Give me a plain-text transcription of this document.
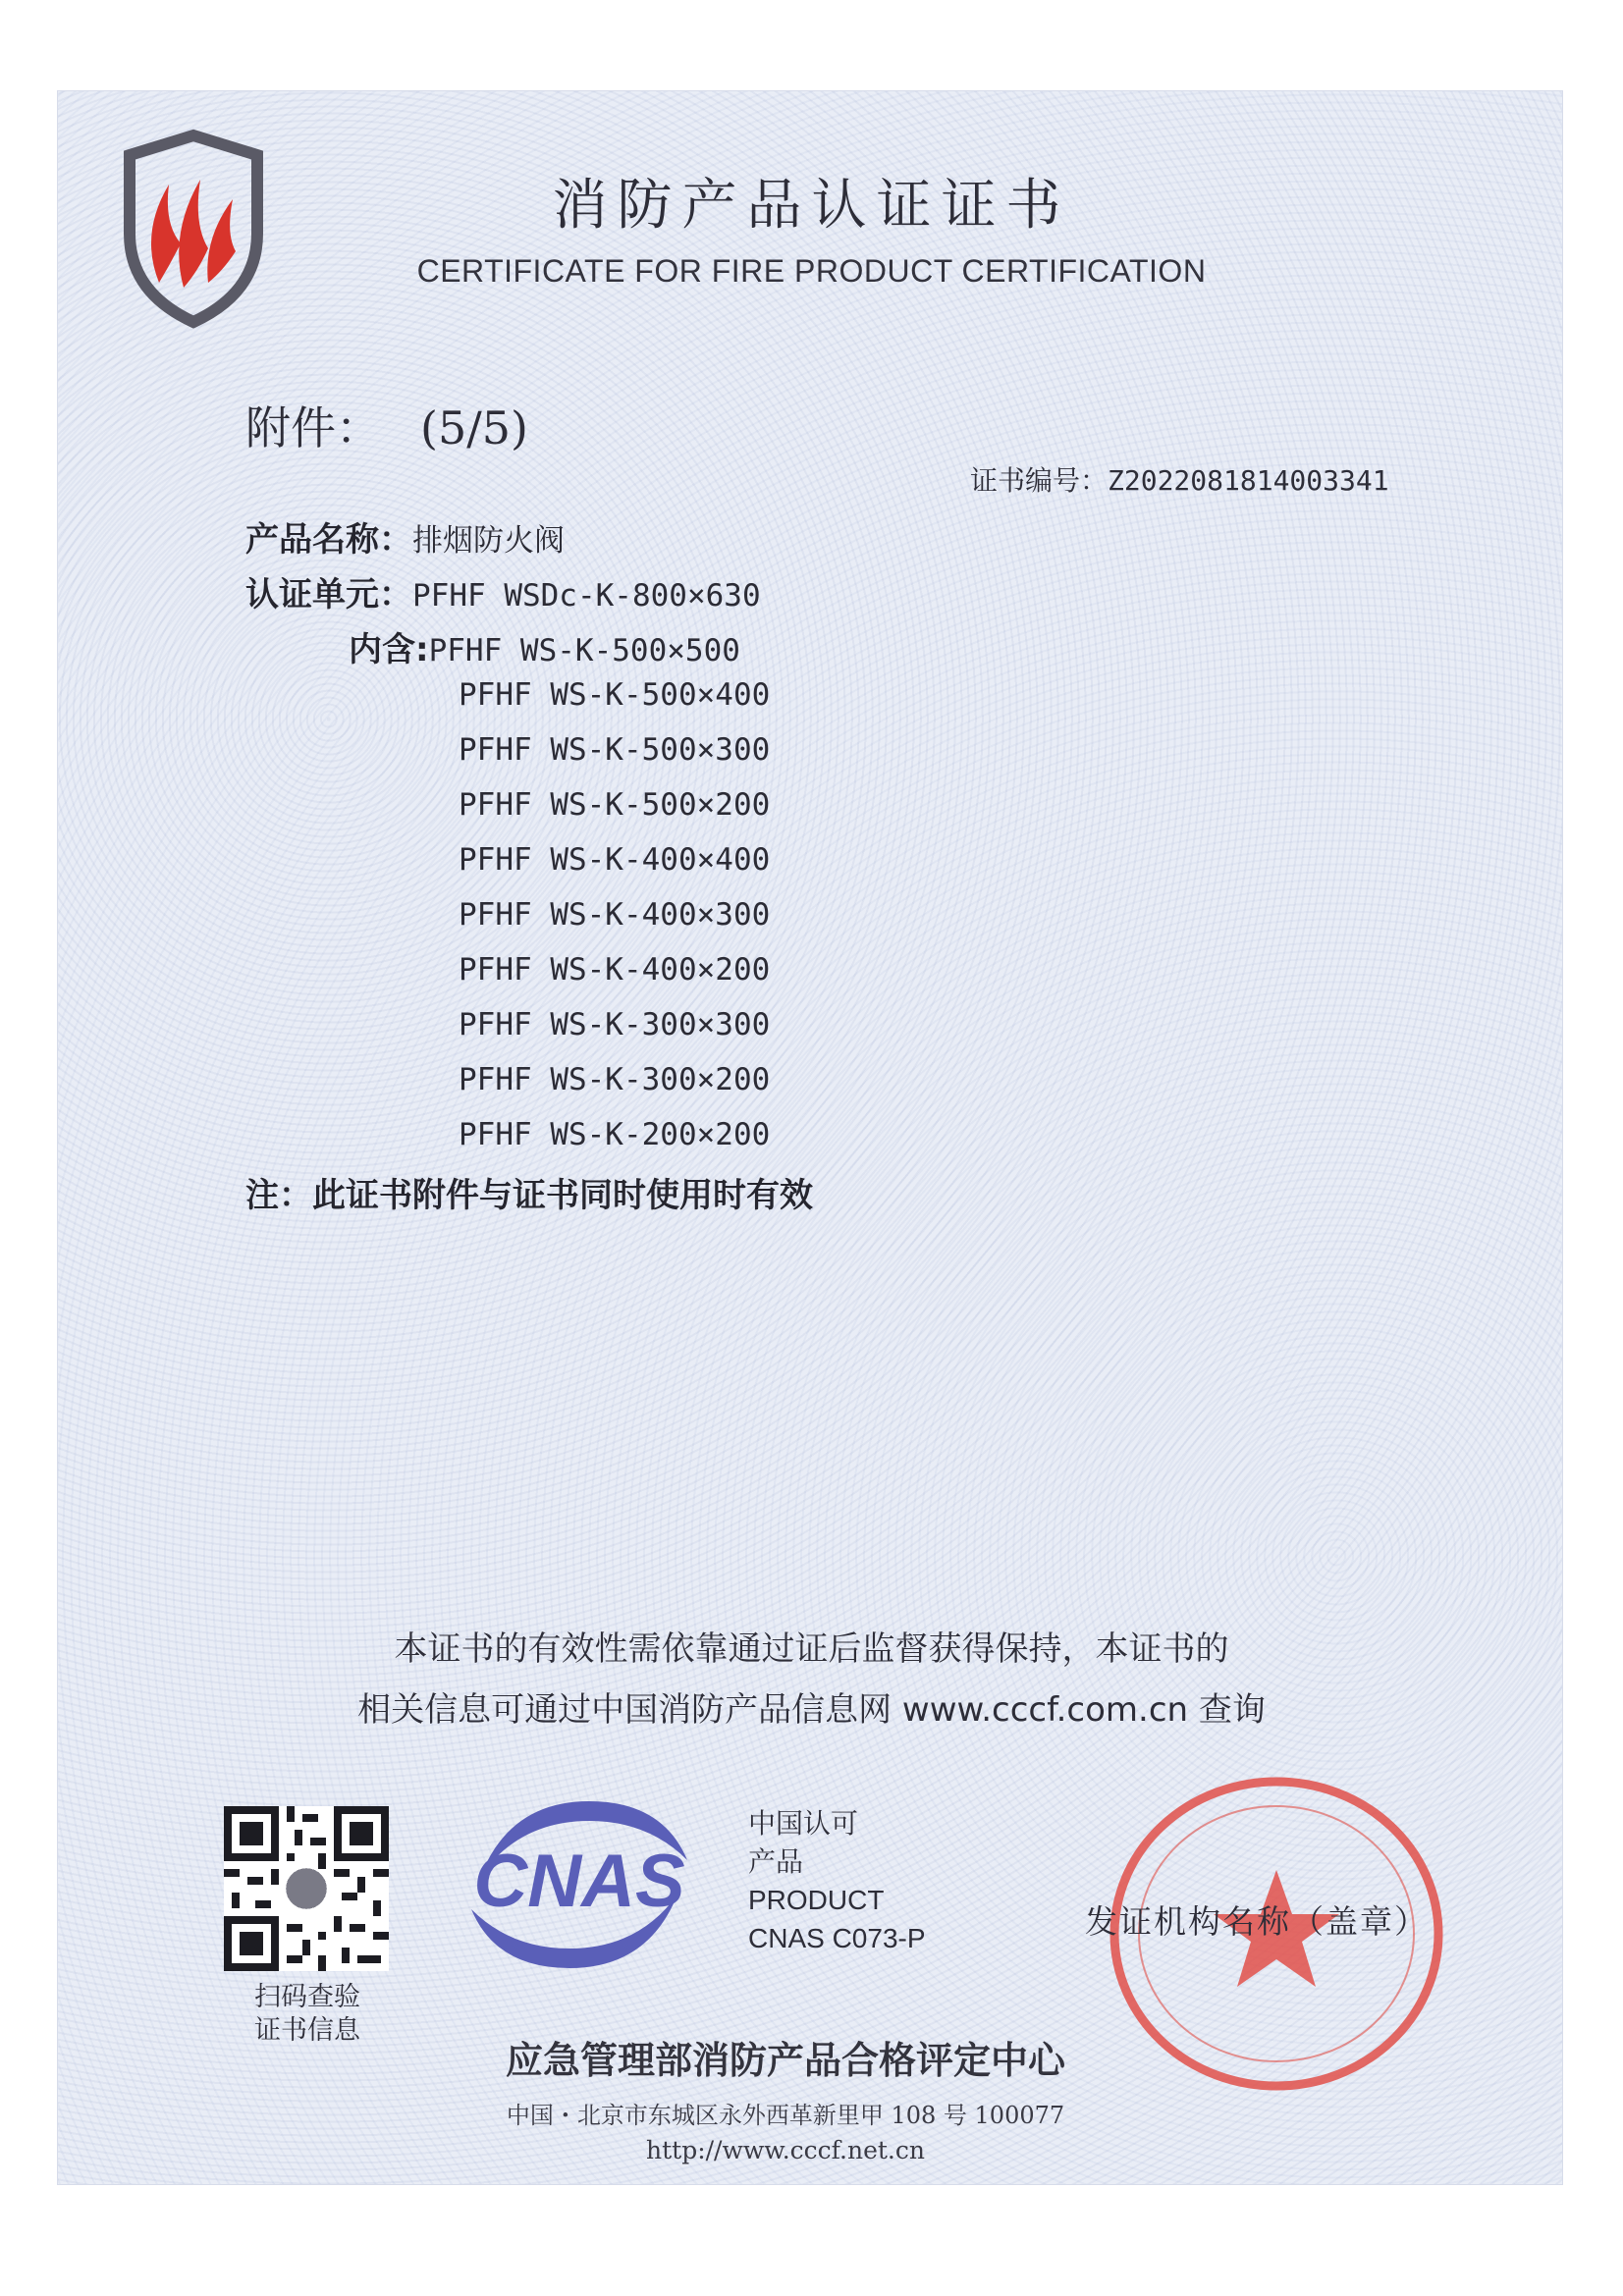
消防产品认证证书
CERTIFICATE FOR FIRE PRODUCT CERTIFICATION
附件： (5/5)
证书编号：Z2022081814003341
产品名称：排烟防火阀
认证单元：PFHF WSDc-K-800×630
内含:PFHF WS-K-500×500
PFHF WS-K-500×400
PFHF WS-K-500×300
PFHF WS-K-500×200
PFHF WS-K-400×400
PFHF WS-K-400×300
PFHF WS-K-400×200
PFHF WS-K-300×300
PFHF WS-K-300×200
PFHF WS-K-200×200
注：此证书附件与证书同时使用时有效
本证书的有效性需依靠通过证后监督获得保持，本证书的
相关信息可通过中国消防产品信息网 www.cccf.com.cn 查询
扫码查验
证书信息
CNAS
中国认可
产品
PRODUCT
CNAS C073-P	发证机构名称（盖章）
应急管理部消防产品合格评定中心
中国・北京市东城区永外西革新里甲 108 号 100077
http://www.cccf.net.cn
